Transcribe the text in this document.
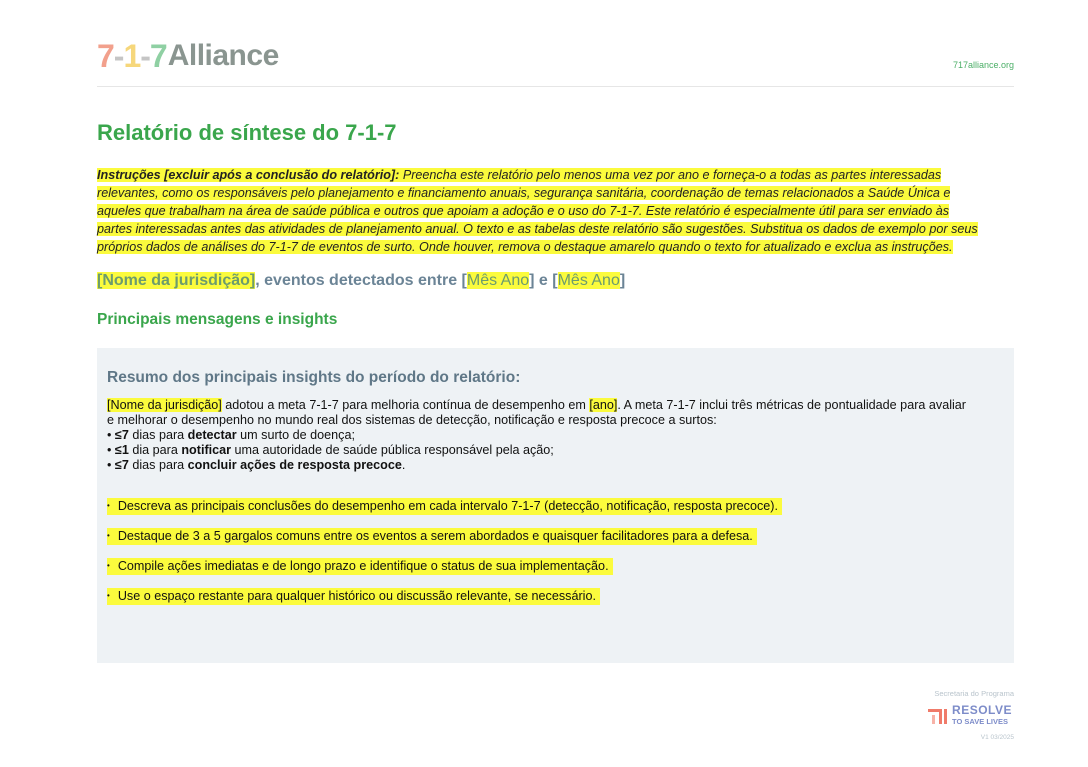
7-1-7 Alliance	717alliance.org
Relatório de síntese do 7-1-7
Instruções [excluir após a conclusão do relatório]: Preencha este relatório pelo menos uma vez por ano e forneça-o a todas as partes interessadas
relevantes, como os responsáveis pelo planejamento e financiamento anuais, segurança sanitária, coordenação de temas relacionados a Saúde Única e
aqueles que trabalham na área de saúde pública e outros que apoiam a adoção e o uso do 7-1-7. Este relatório é especialmente útil para ser enviado às
partes interessadas antes das atividades de planejamento anual. O texto e as tabelas deste relatório são sugestões. Substitua os dados de exemplo por seus
próprios dados de análises do 7-1-7 de eventos de surto. Onde houver, remova o destaque amarelo quando o texto for atualizado e exclua as instruções.
[Nome da jurisdição], eventos detectados entre [Mês Ano] e [Mês Ano]
Principais mensagens e insights
Resumo dos principais insights do período do relatório:
[Nome da jurisdição] adotou a meta 7-1-7 para melhoria contínua de desempenho em [ano]. A meta 7-1-7 inclui três métricas de pontualidade para avaliar
e melhorar o desempenho no mundo real dos sistemas de detecção, notificação e resposta precoce a surtos:
• ≤7 dias para detectar um surto de doença;
• ≤1 dia para notificar uma autoridade de saúde pública responsável pela ação;
• ≤7 dias para concluir ações de resposta precoce.
• Descreva as principais conclusões do desempenho em cada intervalo 7-1-7 (detecção, notificação, resposta precoce).
• Destaque de 3 a 5 gargalos comuns entre os eventos a serem abordados e quaisquer facilitadores para a defesa.
• Compile ações imediatas e de longo prazo e identifique o status de sua implementação.
• Use o espaço restante para qualquer histórico ou discussão relevante, se necessário.
Secretaria do Programa
RESOLVE
TO SAVE LIVES
V1 03/2025
